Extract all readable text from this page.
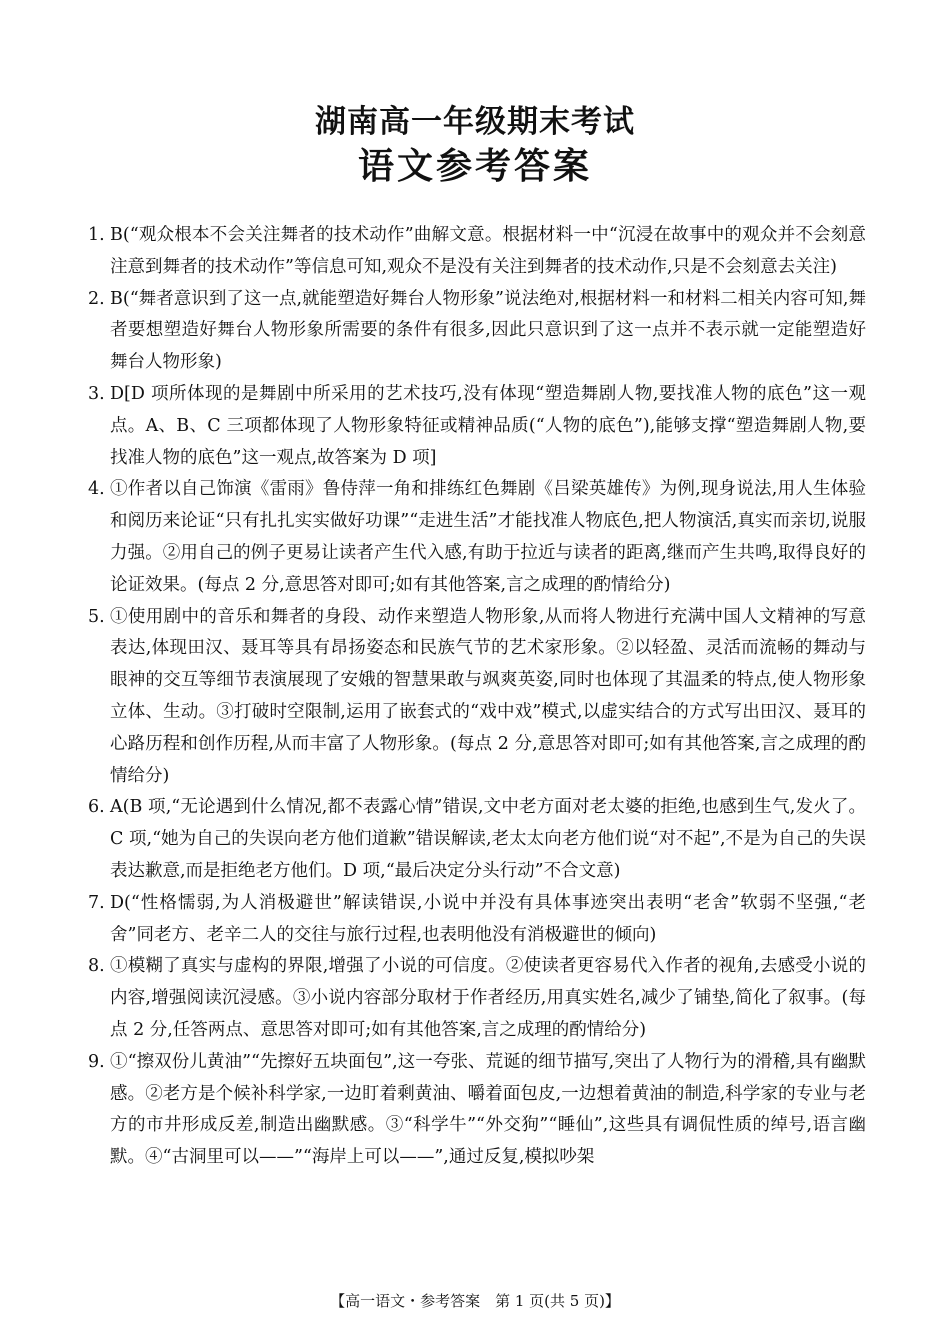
湖南高一年级期末考试
语文参考答案
1. B(“观众根本不会关注舞者的技术动作”曲解文意。根据材料一中“沉浸在故事中的观众并不会刻意注意到舞者的技术动作”等信息可知,观众不是没有关注到舞者的技术动作,只是不会刻意去关注)
2. B(“舞者意识到了这一点,就能塑造好舞台人物形象”说法绝对,根据材料一和材料二相关内容可知,舞者要想塑造好舞台人物形象所需要的条件有很多,因此只意识到了这一点并不表示就一定能塑造好舞台人物形象)
3. D[D 项所体现的是舞剧中所采用的艺术技巧,没有体现“塑造舞剧人物,要找准人物的底色”这一观点。A、B、C 三项都体现了人物形象特征或精神品质(“人物的底色”),能够支撑“塑造舞剧人物,要找准人物的底色”这一观点,故答案为 D 项]
4. ①作者以自己饰演《雷雨》鲁侍萍一角和排练红色舞剧《吕梁英雄传》为例,现身说法,用人生体验和阅历来论证“只有扎扎实实做好功课”“走进生活”才能找准人物底色,把人物演活,真实而亲切,说服力强。②用自己的例子更易让读者产生代入感,有助于拉近与读者的距离,继而产生共鸣,取得良好的论证效果。(每点 2 分,意思答对即可;如有其他答案,言之成理的酌情给分)
5. ①使用剧中的音乐和舞者的身段、动作来塑造人物形象,从而将人物进行充满中国人文精神的写意表达,体现田汉、聂耳等具有昂扬姿态和民族气节的艺术家形象。②以轻盈、灵活而流畅的舞动与眼神的交互等细节表演展现了安娥的智慧果敢与飒爽英姿,同时也体现了其温柔的特点,使人物形象立体、生动。③打破时空限制,运用了嵌套式的“戏中戏”模式,以虚实结合的方式写出田汉、聂耳的心路历程和创作历程,从而丰富了人物形象。(每点 2 分,意思答对即可;如有其他答案,言之成理的酌情给分)
6. A(B 项,“无论遇到什么情况,都不表露心情”错误,文中老方面对老太婆的拒绝,也感到生气,发火了。C 项,“她为自己的失误向老方他们道歉”错误解读,老太太向老方他们说“对不起”,不是为自己的失误表达歉意,而是拒绝老方他们。D 项,“最后决定分头行动”不合文意)
7. D(“性格懦弱,为人消极避世”解读错误,小说中并没有具体事迹突出表明“老舍”软弱不坚强,“老舍”同老方、老辛二人的交往与旅行过程,也表明他没有消极避世的倾向)
8. ①模糊了真实与虚构的界限,增强了小说的可信度。②使读者更容易代入作者的视角,去感受小说的内容,增强阅读沉浸感。③小说内容部分取材于作者经历,用真实姓名,减少了铺垫,简化了叙事。(每点 2 分,任答两点、意思答对即可;如有其他答案,言之成理的酌情给分)
9. ①“擦双份儿黄油”“先擦好五块面包”,这一夸张、荒诞的细节描写,突出了人物行为的滑稽,具有幽默感。②老方是个候补科学家,一边盯着剩黄油、嚼着面包皮,一边想着黄油的制造,科学家的专业与老方的市井形成反差,制造出幽默感。③“科学牛”“外交狗”“睡仙”,这些具有调侃性质的绰号,语言幽默。④“古洞里可以——”“海岸上可以——”,通过反复,模拟吵架
【高一语文・参考答案　第 1 页(共 5 页)】
